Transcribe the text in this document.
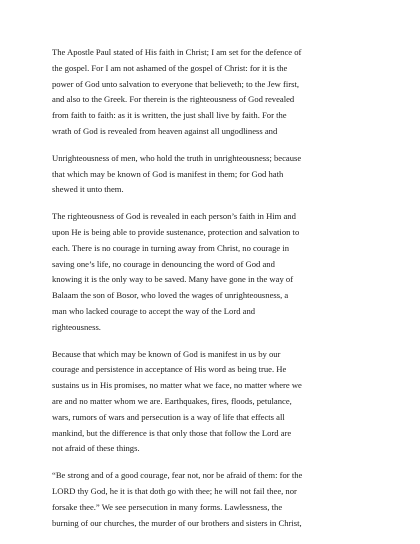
The Apostle Paul stated of His faith in Christ; I am set for the defence of
the gospel. For I am not ashamed of the gospel of Christ: for it is the
power of God unto salvation to everyone that believeth; to the Jew first,
and also to the Greek. For therein is the righteousness of God revealed
from faith to faith: as it is written, the just shall live by faith. For the
wrath of God is revealed from heaven against all ungodliness and

Unrighteousness of men, who hold the truth in unrighteousness; because
that which may be known of God is manifest in them; for God hath
shewed it unto them.

The righteousness of God is revealed in each person’s faith in Him and
upon He is being able to provide sustenance, protection and salvation to
each. There is no courage in turning away from Christ, no courage in
saving one’s life, no courage in denouncing the word of God and
knowing it is the only way to be saved. Many have gone in the way of
Balaam the son of Bosor, who loved the wages of unrighteousness, a
man who lacked courage to accept the way of the Lord and
righteousness.

Because that which may be known of God is manifest in us by our
courage and persistence in acceptance of His word as being true. He
sustains us in His promises, no matter what we face, no matter where we
are and no matter whom we are. Earthquakes, fires, floods, petulance,
wars, rumors of wars and persecution is a way of life that effects all
mankind, but the difference is that only those that follow the Lord are
not afraid of these things.

“Be strong and of a good courage, fear not, nor be afraid of them: for the
LORD thy God, he it is that doth go with thee; he will not fail thee, nor
forsake thee.” We see persecution in many forms. Lawlessness, the
burning of our churches, the murder of our brothers and sisters in Christ,
